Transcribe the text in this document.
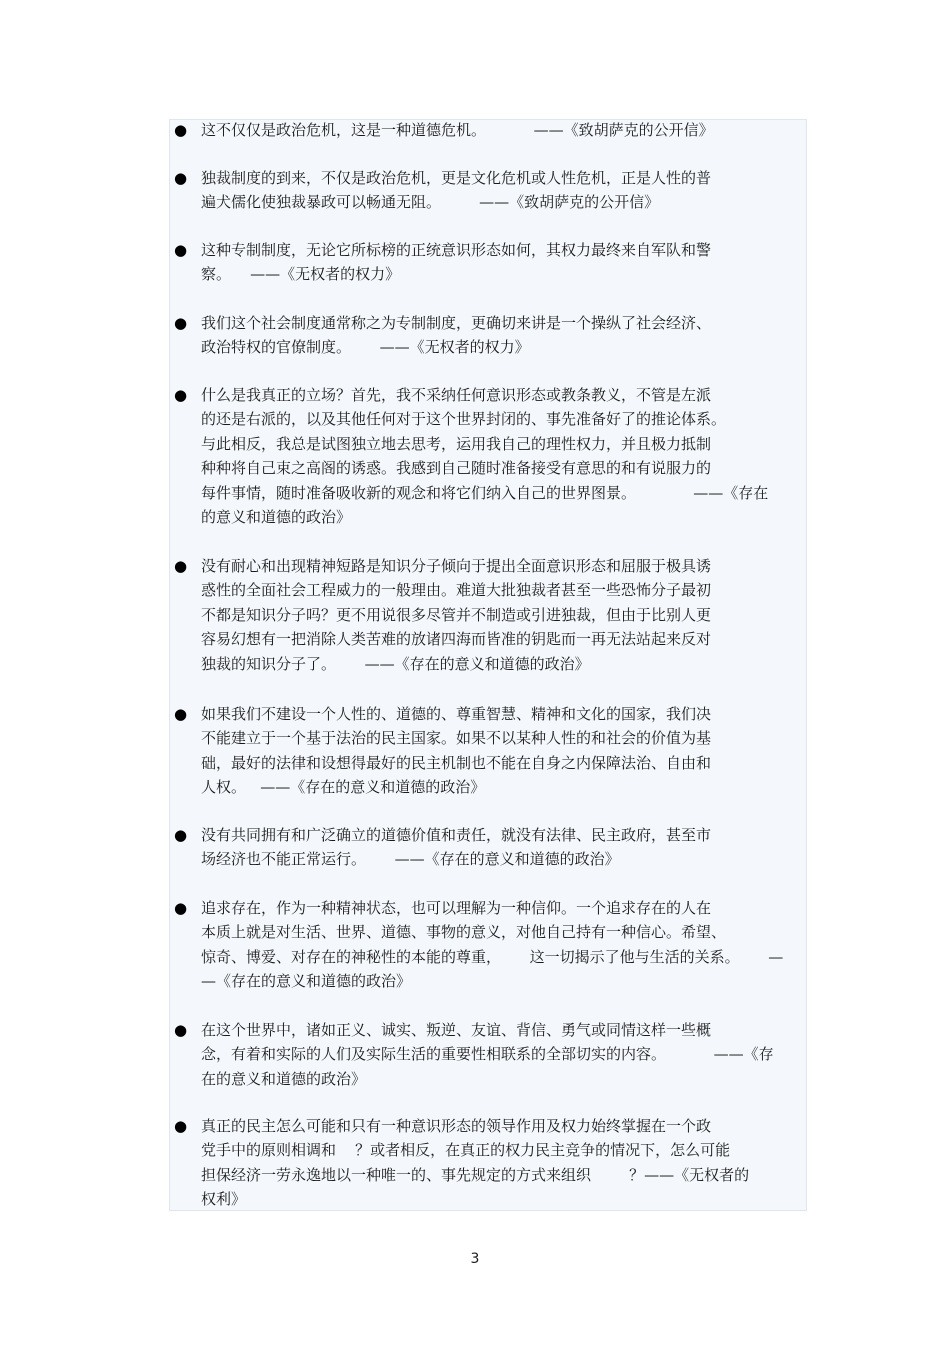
● 这不仅仅是政治危机，这是一种道德危机。          ——《致胡萨克的公开信》
● 独裁制度的到来，不仅是政治危机，更是文化危机或人性危机，正是人性的普
遍犬儒化使独裁暴政可以畅通无阻。        ——《致胡萨克的公开信》
● 这种专制制度，无论它所标榜的正统意识形态如何，其权力最终来自军队和警
察。    ——《无权者的权力》
● 我们这个社会制度通常称之为专制制度，更确切来讲是一个操纵了社会经济、
政治特权的官僚制度。      ——《无权者的权力》
● 什么是我真正的立场？首先，我不采纳任何意识形态或教条教义，不管是左派
的还是右派的，以及其他任何对于这个世界封闭的、事先准备好了的推论体系。
与此相反，我总是试图独立地去思考，运用我自己的理性权力，并且极力抵制
种种将自己束之高阁的诱惑。我感到自己随时准备接受有意思的和有说服力的
每件事情，随时准备吸收新的观念和将它们纳入自己的世界图景。            ——《存在
的意义和道德的政治》
● 没有耐心和出现精神短路是知识分子倾向于提出全面意识形态和屈服于极具诱
惑性的全面社会工程威力的一般理由。难道大批独裁者甚至一些恐怖分子最初
不都是知识分子吗？更不用说很多尽管并不制造或引进独裁，但由于比别人更
容易幻想有一把消除人类苦难的放诸四海而皆准的钥匙而一再无法站起来反对
独裁的知识分子了。      ——《存在的意义和道德的政治》
● 如果我们不建设一个人性的、道德的、尊重智慧、精神和文化的国家，我们决
不能建立于一个基于法治的民主国家。如果不以某种人性的和社会的价值为基
础，最好的法律和设想得最好的民主机制也不能在自身之内保障法治、自由和
人权。   ——《存在的意义和道德的政治》
● 没有共同拥有和广泛确立的道德价值和责任，就没有法律、民主政府，甚至市
场经济也不能正常运行。      ——《存在的意义和道德的政治》
● 追求存在，作为一种精神状态，也可以理解为一种信仰。一个追求存在的人在
本质上就是对生活、世界、道德、事物的意义，对他自己持有一种信心。希望、
惊奇、博爱、对存在的神秘性的本能的尊重，      这一切揭示了他与生活的关系。      —
—《存在的意义和道德的政治》
● 在这个世界中，诸如正义、诚实、叛逆、友谊、背信、勇气或同情这样一些概
念，有着和实际的人们及实际生活的重要性相联系的全部切实的内容。          ——《存
在的意义和道德的政治》
● 真正的民主怎么可能和只有一种意识形态的领导作用及权力始终掌握在一个政
党手中的原则相调和    ？或者相反，在真正的权力民主竞争的情况下，怎么可能
担保经济一劳永逸地以一种唯一的、事先规定的方式来组织        ？——《无权者的
权利》
3
